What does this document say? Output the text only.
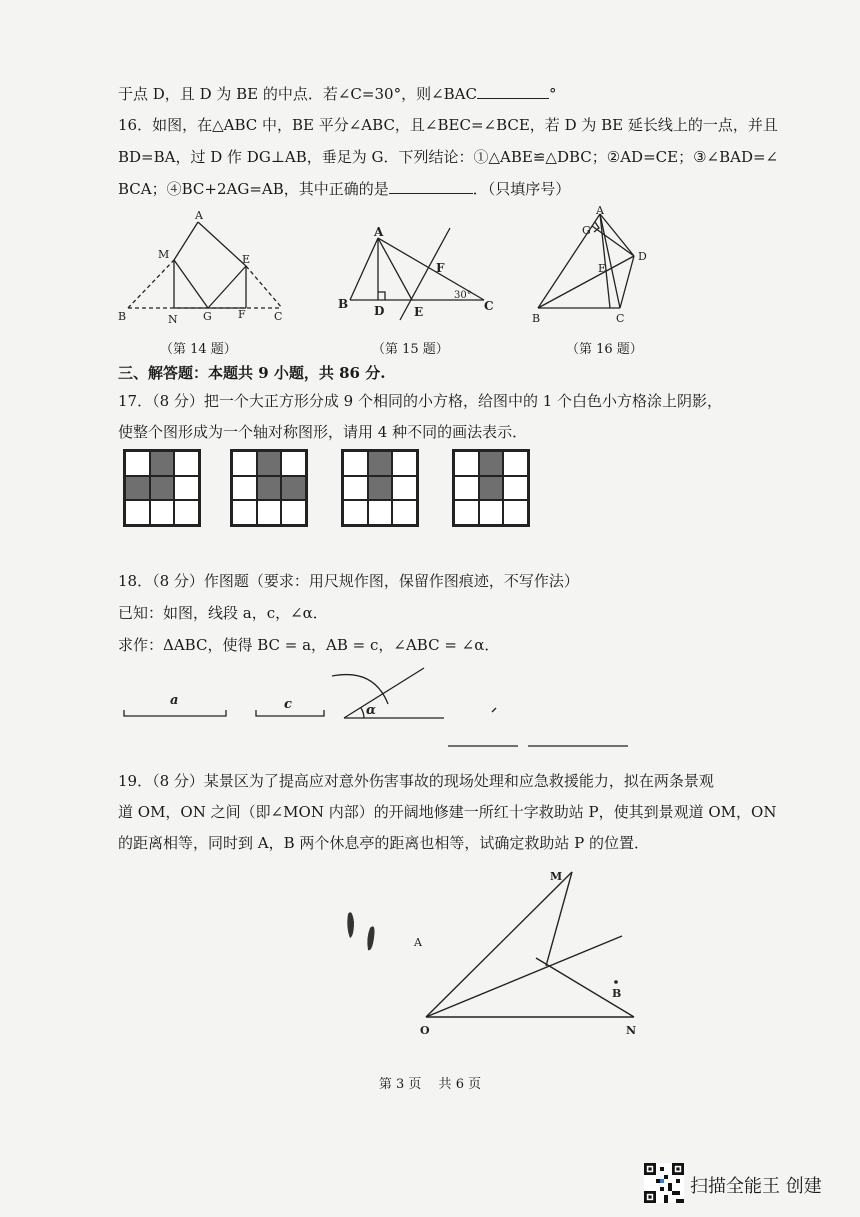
于点 D，且 D 为 BE 的中点．若∠C=30°，则∠BAC	°
16．如图，在△ABC 中，BE 平分∠ABC，且∠BEC=∠BCE，若 D 为 BE 延长线上的一点，并且
BD=BA，过 D 作 DG⊥AB，垂足为 G．下列结论：①△ABE≌△DBC；②AD=CE；③∠BAD=∠
BCA；④BC+2AG=AB，其中正确的是	．（只填序号）
A
M	E
B	N G F	C
A
F
B D E	C
30°
A
G
D
E
B	C
（第 14 题）	（第 15 题）	（第 16 题）
三、解答题：本题共 9 小题，共 86 分.
17．（8 分）把一个大正方形分成 9 个相同的小方格，给图中的 1 个白色小方格涂上阴影，
使整个图形成为一个轴对称图形，请用 4 种不同的画法表示．
18．（8 分）作图题（要求：用尺规作图，保留作图痕迹，不写作法）
已知：如图，线段 a，c，∠α．
求作：ΔABC，使得 BC = a，AB = c，∠ABC = ∠α．
a	c	α
19．（8 分）某景区为了提高应对意外伤害事故的现场处理和应急救援能力，拟在两条景观
道 OM，ON 之间（即∠MON 内部）的开阔地修建一所红十字救助站 P，使其到景观道 OM，ON
的距离相等，同时到 A，B 两个休息亭的距离也相等，试确定救助站 P 的位置．
M
A
B
O	N
第 3 页　 共 6 页
扫描全能王 创建
